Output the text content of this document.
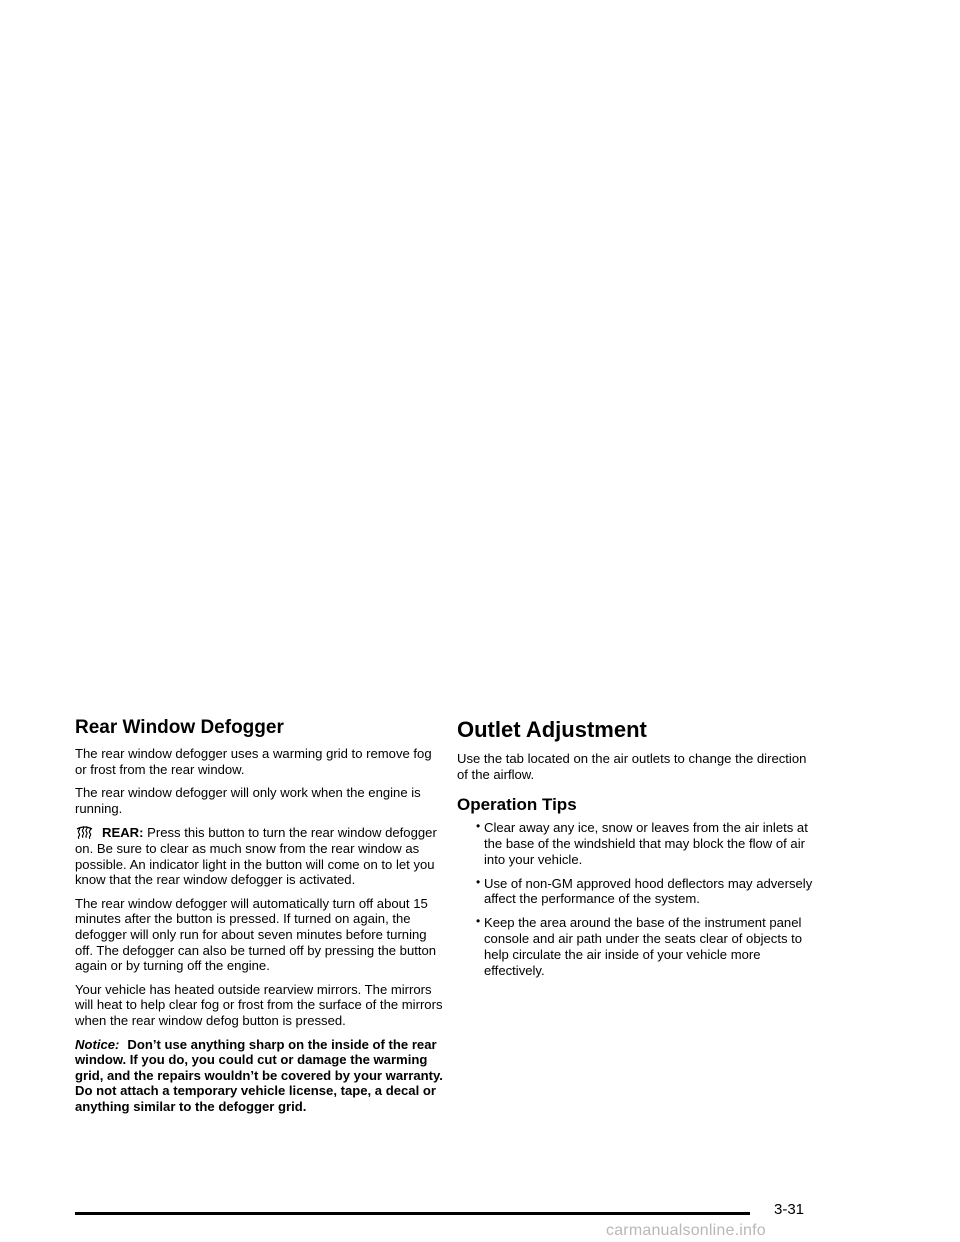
Rear Window Defogger

The rear window defogger uses a warming grid to remove fog or frost from the rear window.

The rear window defogger will only work when the engine is running.

REAR: Press this button to turn the rear window defogger on. Be sure to clear as much snow from the rear window as possible. An indicator light in the button will come on to let you know that the rear window defogger is activated.

The rear window defogger will automatically turn off about 15 minutes after the button is pressed. If turned on again, the defogger will only run for about seven minutes before turning off. The defogger can also be turned off by pressing the button again or by turning off the engine.

Your vehicle has heated outside rearview mirrors. The mirrors will heat to help clear fog or frost from the surface of the mirrors when the rear window defog button is pressed.

Notice: Don’t use anything sharp on the inside of the rear window. If you do, you could cut or damage the warming grid, and the repairs wouldn’t be covered by your warranty. Do not attach a temporary vehicle license, tape, a decal or anything similar to the defogger grid.

Outlet Adjustment

Use the tab located on the air outlets to change the direction of the airflow.

Operation Tips
• Clear away any ice, snow or leaves from the air inlets at the base of the windshield that may block the flow of air into your vehicle.
• Use of non-GM approved hood deflectors may adversely affect the performance of the system.
• Keep the area around the base of the instrument panel console and air path under the seats clear of objects to help circulate the air inside of your vehicle more effectively.
3-31
carmanualsonline.info
